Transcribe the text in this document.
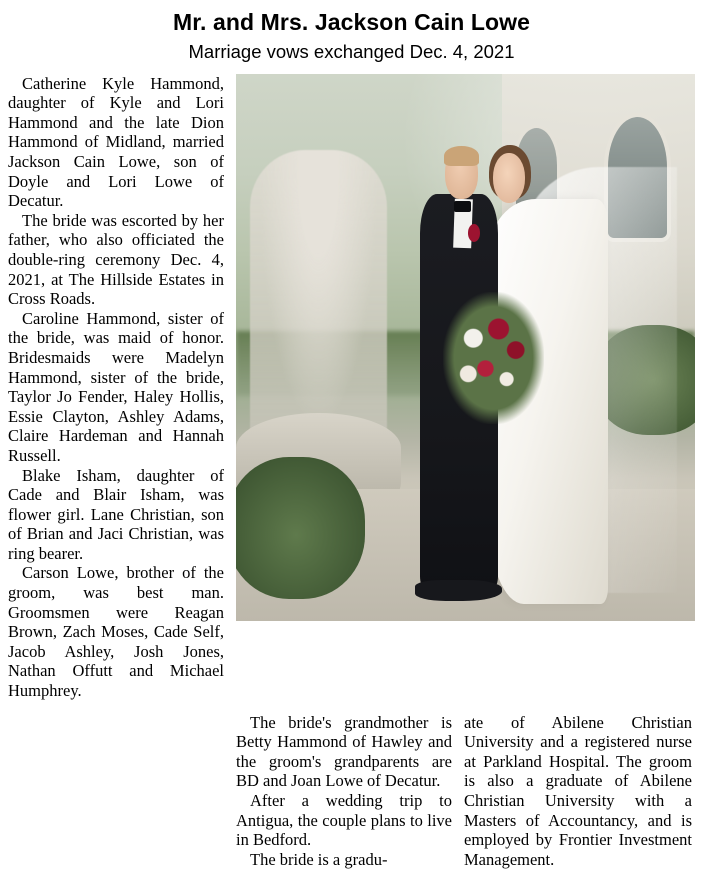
Mr. and Mrs. Jackson Cain Lowe
Marriage vows exchanged Dec. 4, 2021

Catherine Kyle Hammond, daughter of Kyle and Lori Hammond and the late Dion Hammond of Midland, married Jackson Cain Lowe, son of Doyle and Lori Lowe of Decatur.

The bride was escorted by her father, who also officiated the double-ring ceremony Dec. 4, 2021, at The Hillside Estates in Cross Roads.

Caroline Hammond, sister of the bride, was maid of honor. Bridesmaids were Madelyn Hammond, sister of the bride, Taylor Jo Fender, Haley Hollis, Essie Clayton, Ashley Adams, Claire Hardeman and Hannah Russell.

Blake Isham, daughter of Cade and Blair Isham, was flower girl. Lane Christian, son of Brian and Jaci Christian, was ring bearer.

Carson Lowe, brother of the groom, was best man. Groomsmen were Reagan Brown, Zach Moses, Cade Self, Jacob Ashley, Josh Jones, Nathan Offutt and Michael Humphrey.

The bride's grandmother is Betty Hammond of Hawley and the groom's grandparents are BD and Joan Lowe of Decatur.

After a wedding trip to Antigua, the couple plans to live in Bedford.

The bride is a gradu-

ate of Abilene Christian University and a registered nurse at Parkland Hospital. The groom is also a graduate of Abilene Christian University with a Masters of Accountancy, and is employed by Frontier Investment Management.
